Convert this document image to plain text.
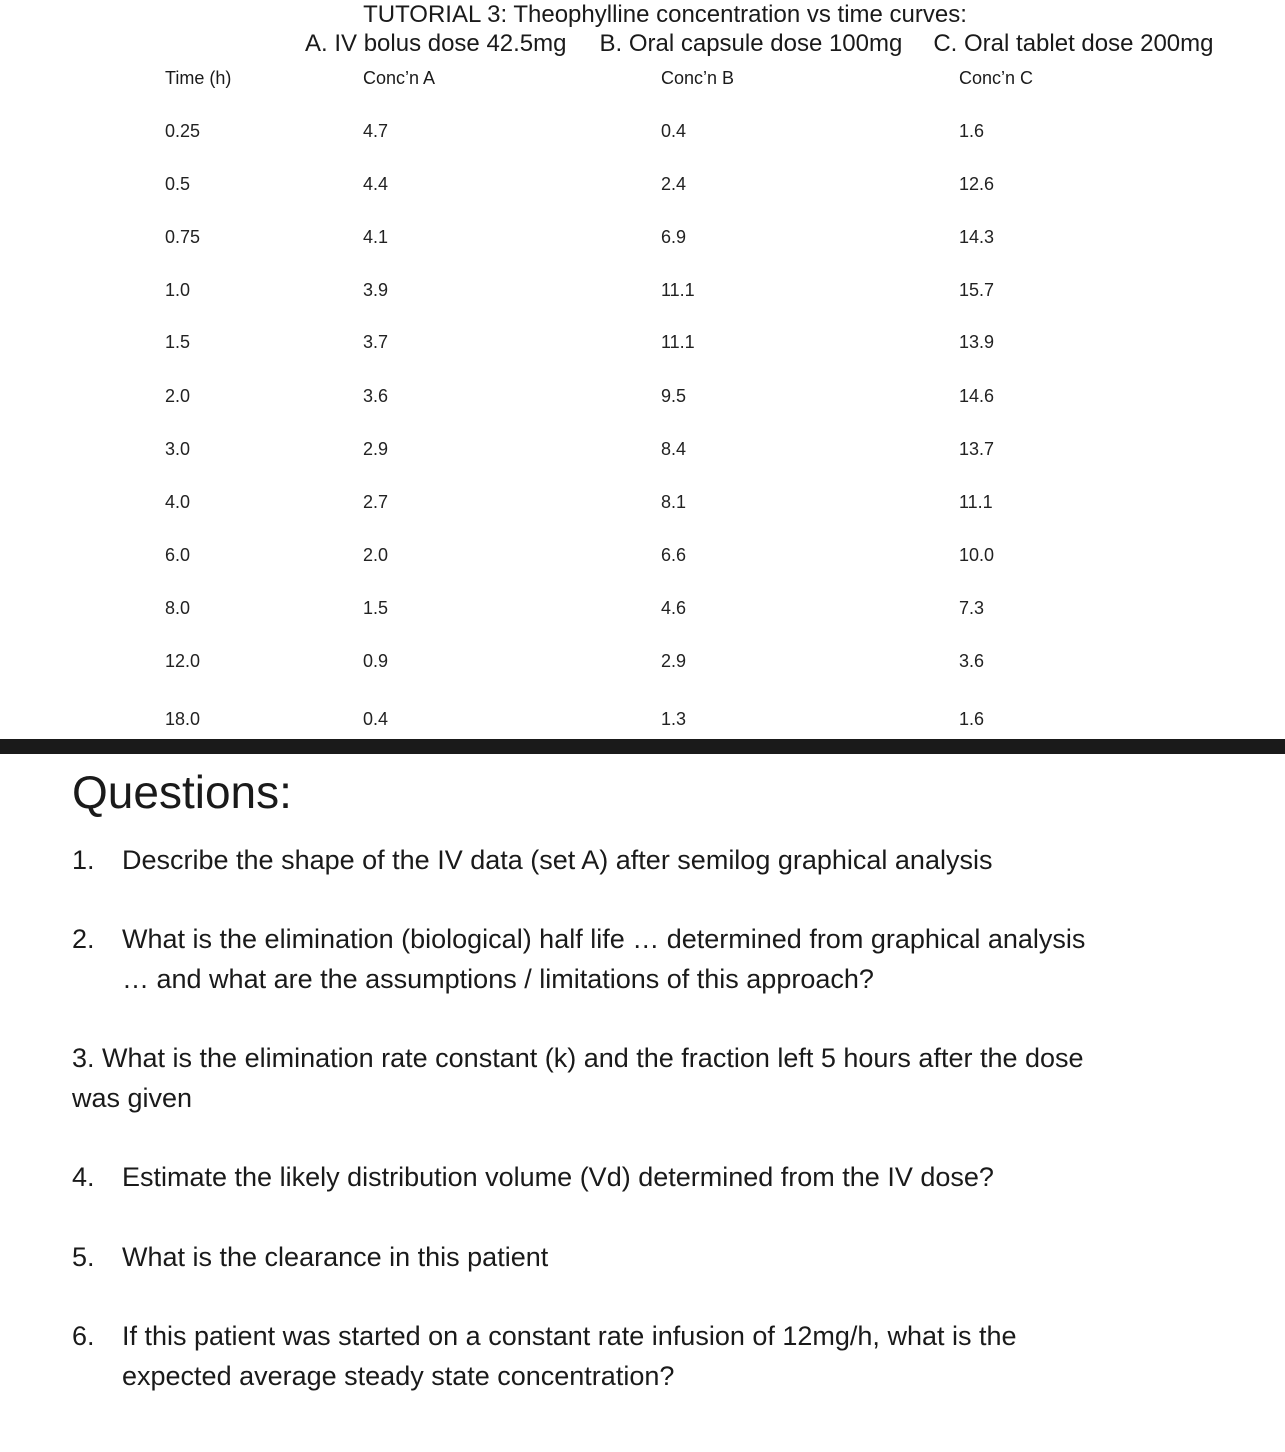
TUTORIAL 3: Theophylline concentration vs time curves:
A. IV bolus dose 42.5mg B. Oral capsule dose 100mg C. Oral tablet dose 200mg
Time (h)	Conc’n A	Conc’n B	Conc’n C
0.25	4.7	0.4	1.6
0.5	4.4	2.4	12.6
0.75	4.1	6.9	14.3
1.0	3.9	11.1	15.7
1.5	3.7	11.1	13.9
2.0	3.6	9.5	14.6
3.0	2.9	8.4	13.7
4.0	2.7	8.1	11.1
6.0	2.0	6.6	10.0
8.0	1.5	4.6	7.3
12.0	0.9	2.9	3.6
18.0	0.4	1.3	1.6
Questions:
1. Describe the shape of the IV data (set A) after semilog graphical analysis
2. What is the elimination (biological) half life … determined from graphical analysis
… and what are the assumptions / limitations of this approach?
3. What is the elimination rate constant (k) and the fraction left 5 hours after the dose
was given
4. Estimate the likely distribution volume (Vd) determined from the IV dose?
5. What is the clearance in this patient
6. If this patient was started on a constant rate infusion of 12mg/h, what is the
expected average steady state concentration?
